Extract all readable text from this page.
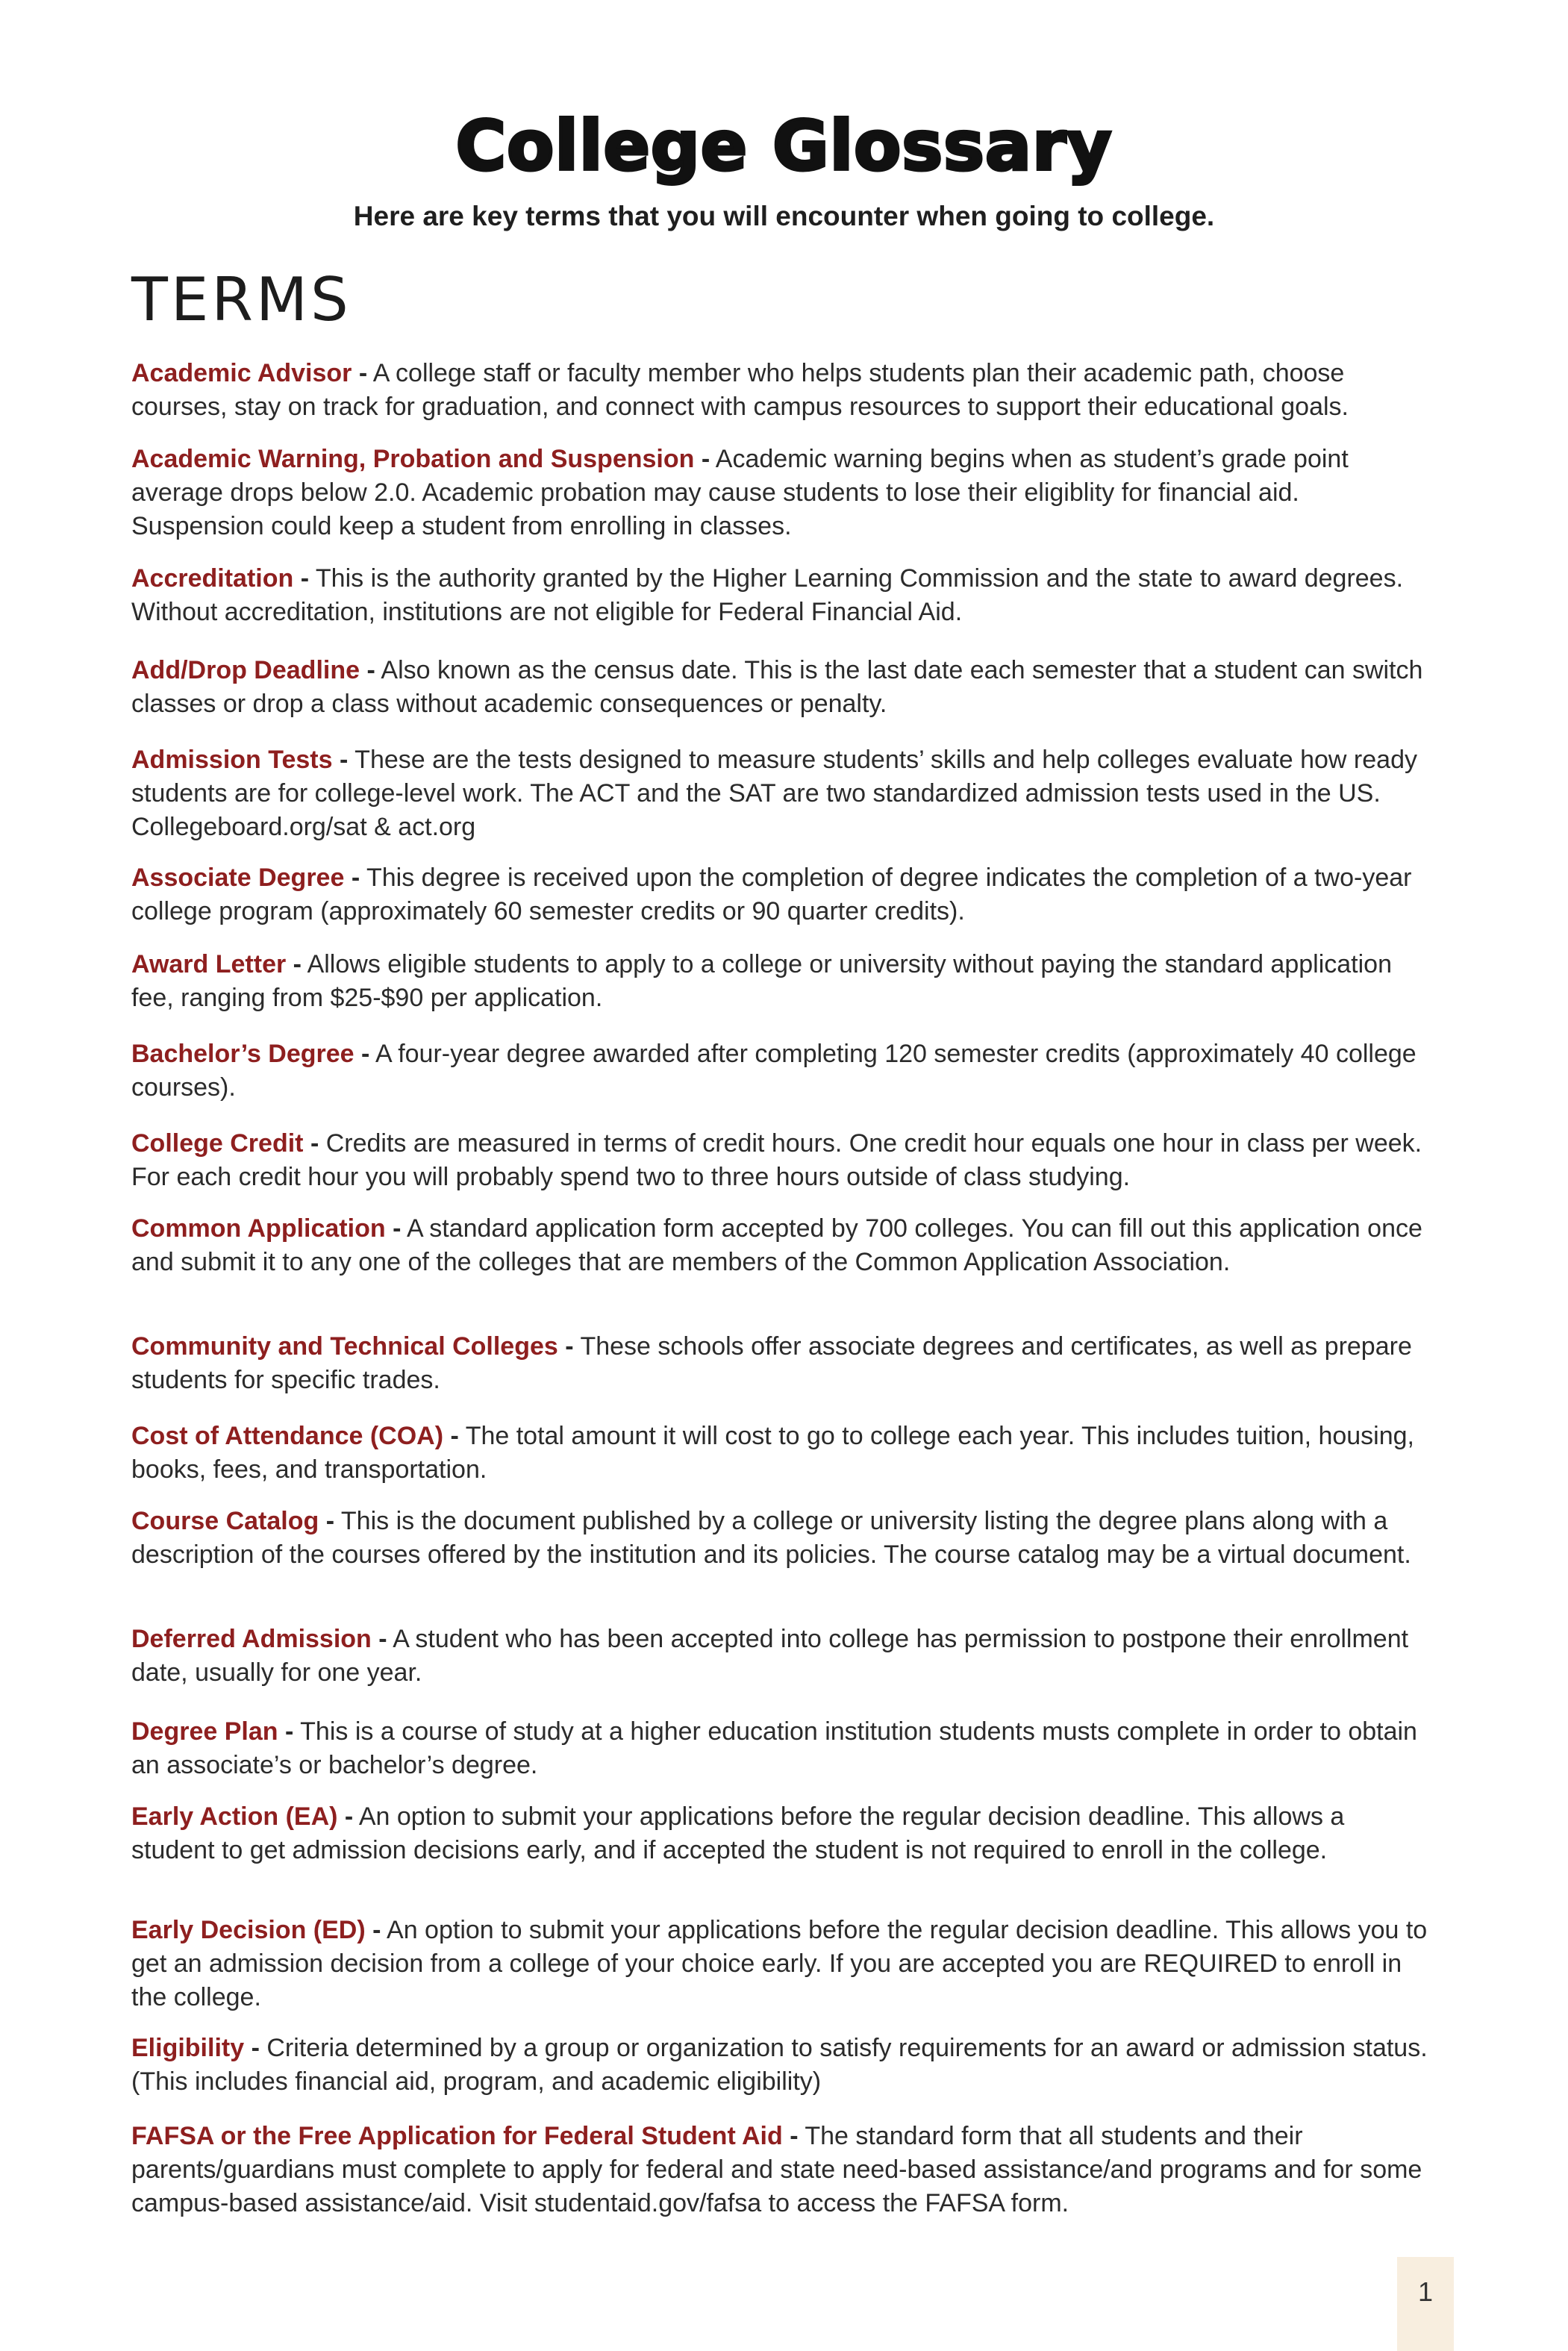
College Glossary

Here are key terms that you will encounter when going to college.

TERMS

Academic Advisor - A college staff or faculty member who helps students plan their academic path, choose courses, stay on track for graduation, and connect with campus resources to support their educational goals.

Academic Warning, Probation and Suspension - Academic warning begins when as student’s grade point average drops below 2.0. Academic probation may cause students to lose their eligiblity for financial aid. Suspension could keep a student from enrolling in classes.

Accreditation - This is the authority granted by the Higher Learning Commission and the state to award degrees. Without accreditation, institutions are not eligible for Federal Financial Aid.

Add/Drop Deadline - Also known as the census date. This is the last date each semester that a student can switch classes or drop a class without academic consequences or penalty.

Admission Tests - These are the tests designed to measure students’ skills and help colleges evaluate how ready students are for college-level work. The ACT and the SAT are two standardized admission tests used in the US. Collegeboard.org/sat & act.org

Associate Degree - This degree is received upon the completion of degree indicates the completion of a two-year college program (approximately 60 semester credits or 90 quarter credits).

Award Letter - Allows eligible students to apply to a college or university without paying the standard application fee, ranging from $25-$90 per application.

Bachelor’s Degree - A four-year degree awarded after completing 120 semester credits (approximately 40 college courses).

College Credit - Credits are measured in terms of credit hours. One credit hour equals one hour in class per week. For each credit hour you will probably spend two to three hours outside of class studying.

Common Application - A standard application form accepted by 700 colleges. You can fill out this application once and submit it to any one of the colleges that are members of the Common Application Association.

Community and Technical Colleges - These schools offer associate degrees and certificates, as well as prepare students for specific trades.

Cost of Attendance (COA) - The total amount it will cost to go to college each year. This includes tuition, housing, books, fees, and transportation.

Course Catalog - This is the document published by a college or university listing the degree plans along with a description of the courses offered by the institution and its policies. The course catalog may be a virtual document.

Deferred Admission - A student who has been accepted into college has permission to postpone their enrollment date, usually for one year.

Degree Plan - This is a course of study at a higher education institution students musts complete in order to obtain an associate’s or bachelor’s degree.

Early Action (EA) - An option to submit your applications before the regular decision deadline. This allows a student to get admission decisions early, and if accepted the student is not required to enroll in the college.

Early Decision (ED) - An option to submit your applications before the regular decision deadline. This allows you to get an admission decision from a college of your choice early. If you are accepted you are REQUIRED to enroll in the college.

Eligibility - Criteria determined by a group or organization to satisfy requirements for an award or admission status. (This includes financial aid, program, and academic eligibility)

FAFSA or the Free Application for Federal Student Aid - The standard form that all students and their parents/guardians must complete to apply for federal and state need-based assistance/and programs and for some campus-based assistance/aid. Visit studentaid.gov/fafsa to access the FAFSA form.

1
